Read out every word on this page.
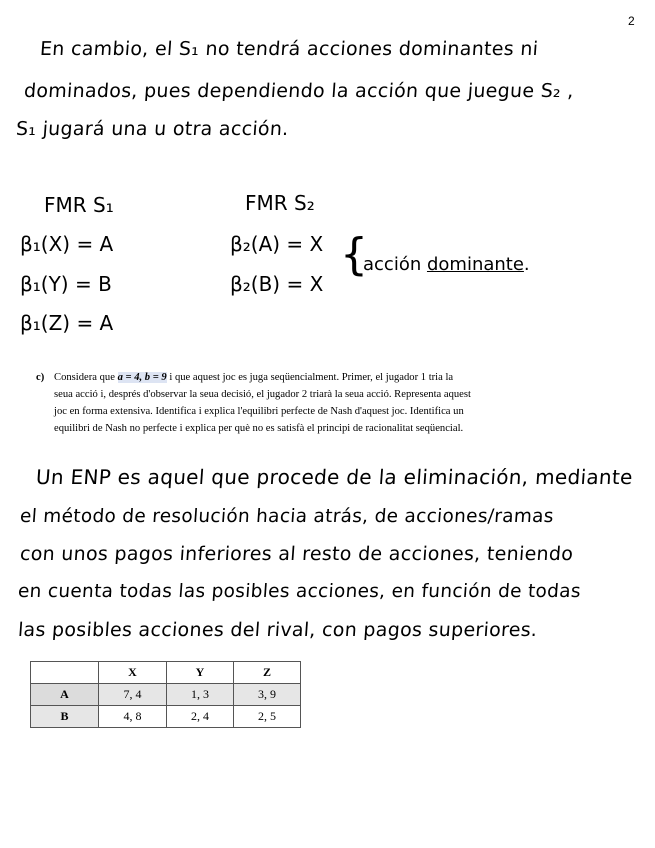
2
En cambio, el S₁ no tendrá acciones dominantes ni
dominados, pues dependiendo la acción que juegue S₂ ,
S₁ jugará una u otra acción.
FMR S₁
β₁(X) = A
β₁(Y) = B
β₁(Z) = A
FMR S₂
β₂(A) = X
β₂(B) = X
{
acción dominante.
c) Considera que a = 4, b = 9 i que aquest joc es juga seqüencialment. Primer, el jugador 1 tria la
seua acció i, després d'observar la seua decisió, el jugador 2 triarà la seua acció. Representa aquest
joc en forma extensiva. Identifica i explica l'equilibri perfecte de Nash d'aquest joc. Identifica un
equilibri de Nash no perfecte i explica per què no es satisfà el principi de racionalitat seqüencial.
Un ENP es aquel que procede de la eliminación, mediante
el método de resolución hacia atrás, de acciones/ramas
con unos pagos inferiores al resto de acciones, teniendo
en cuenta todas las posibles acciones, en función de todas
las posibles acciones del rival, con pagos superiores.
	X	Y	Z
A	7, 4	1, 3	3, 9
B	4, 8	2, 4	2, 5
